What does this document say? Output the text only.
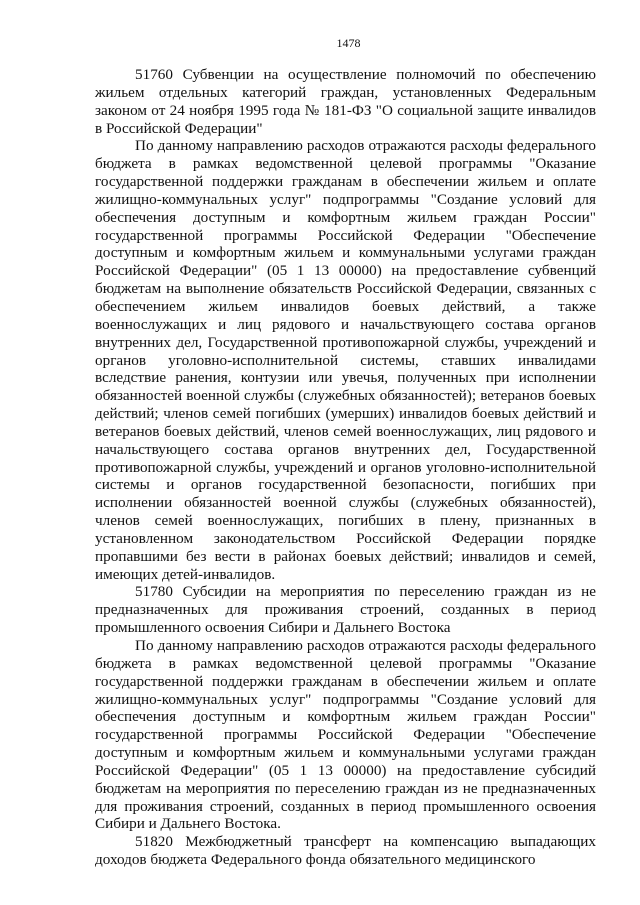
1478

51760 Субвенции на осуществление полномочий по обеспечению жильем отдельных категорий граждан, установленных Федеральным законом от 24 ноября 1995 года № 181-ФЗ "О социальной защите инвалидов в Российской Федерации"

По данному направлению расходов отражаются расходы федерального бюджета в рамках ведомственной целевой программы "Оказание государственной поддержки гражданам в обеспечении жильем и оплате жилищно-коммунальных услуг" подпрограммы "Создание условий для обеспечения доступным и комфортным жильем граждан России" государственной программы Российской Федерации "Обеспечение доступным и комфортным жильем и коммунальными услугами граждан Российской Федерации" (05 1 13 00000) на предоставление субвенций бюджетам на выполнение обязательств Российской Федерации, связанных с обеспечением жильем инвалидов боевых действий, а также военнослужащих и лиц рядового и начальствующего состава органов внутренних дел, Государственной противопожарной службы, учреждений и органов уголовно-исполнительной системы, ставших инвалидами вследствие ранения, контузии или увечья, полученных при исполнении обязанностей военной службы (служебных обязанностей); ветеранов боевых действий; членов семей погибших (умерших) инвалидов боевых действий и ветеранов боевых действий, членов семей военнослужащих, лиц рядового и начальствующего состава органов внутренних дел, Государственной противопожарной службы, учреждений и органов уголовно-исполнительной системы и органов государственной безопасности, погибших при исполнении обязанностей военной службы (служебных обязанностей), членов семей военнослужащих, погибших в плену, признанных в установленном законодательством Российской Федерации порядке пропавшими без вести в районах боевых действий; инвалидов и семей, имеющих детей-инвалидов.

51780 Субсидии на мероприятия по переселению граждан из не предназначенных для проживания строений, созданных в период промышленного освоения Сибири и Дальнего Востока

По данному направлению расходов отражаются расходы федерального бюджета в рамках ведомственной целевой программы "Оказание государственной поддержки гражданам в обеспечении жильем и оплате жилищно-коммунальных услуг" подпрограммы "Создание условий для обеспечения доступным и комфортным жильем граждан России" государственной программы Российской Федерации "Обеспечение доступным и комфортным жильем и коммунальными услугами граждан Российской Федерации" (05 1 13 00000) на предоставление субсидий бюджетам на мероприятия по переселению граждан из не предназначенных для проживания строений, созданных в период промышленного освоения Сибири и Дальнего Востока.

51820 Межбюджетный трансферт на компенсацию выпадающих доходов бюджета Федерального фонда обязательного медицинского
